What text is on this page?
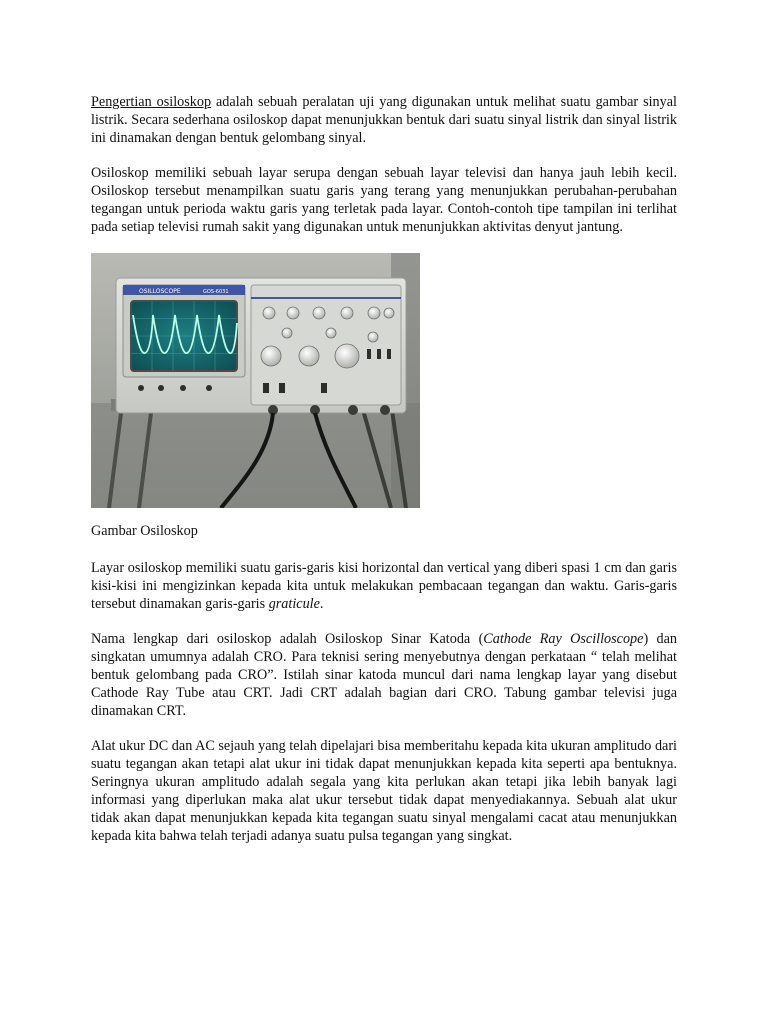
Pengertian osiloskop adalah sebuah peralatan uji yang digunakan untuk melihat suatu gambar sinyal listrik. Secara sederhana osiloskop dapat menunjukkan bentuk dari suatu sinyal listrik dan sinyal listrik ini dinamakan dengan bentuk gelombang sinyal.

Osiloskop memiliki sebuah layar serupa dengan sebuah layar televisi dan hanya jauh lebih kecil. Osiloskop tersebut menampilkan suatu garis yang terang yang menunjukkan perubahan-perubahan tegangan untuk perioda waktu garis yang terletak pada layar. Contoh-contoh tipe tampilan ini terlihat pada setiap televisi rumah sakit yang digunakan untuk menunjukkan aktivitas denyut jantung.

OSILLOSCOPE	GOS-6031

Gambar Osiloskop

Layar osiloskop memiliki suatu garis-garis kisi horizontal dan vertical yang diberi spasi 1 cm dan garis kisi-kisi ini mengizinkan kepada kita untuk melakukan pembacaan tegangan dan waktu. Garis-garis tersebut dinamakan garis-garis graticule.

Nama lengkap dari osiloskop adalah Osiloskop Sinar Katoda (Cathode Ray Oscilloscope) dan singkatan umumnya adalah CRO. Para teknisi sering menyebutnya dengan perkataan “ telah melihat bentuk gelombang pada CRO”. Istilah sinar katoda muncul dari nama lengkap layar yang disebut Cathode Ray Tube atau CRT. Jadi CRT adalah bagian dari CRO. Tabung gambar televisi juga dinamakan CRT.

Alat ukur DC dan AC sejauh yang telah dipelajari bisa memberitahu kepada kita ukuran amplitudo dari suatu tegangan akan tetapi alat ukur ini tidak dapat menunjukkan kepada kita seperti apa bentuknya. Seringnya ukuran amplitudo adalah segala yang kita perlukan akan tetapi jika lebih banyak lagi informasi yang diperlukan maka alat ukur tersebut tidak dapat menyediakannya. Sebuah alat ukur tidak akan dapat menunjukkan kepada kita tegangan suatu sinyal mengalami cacat atau menunjukkan kepada kita bahwa telah terjadi adanya suatu pulsa tegangan yang singkat.
